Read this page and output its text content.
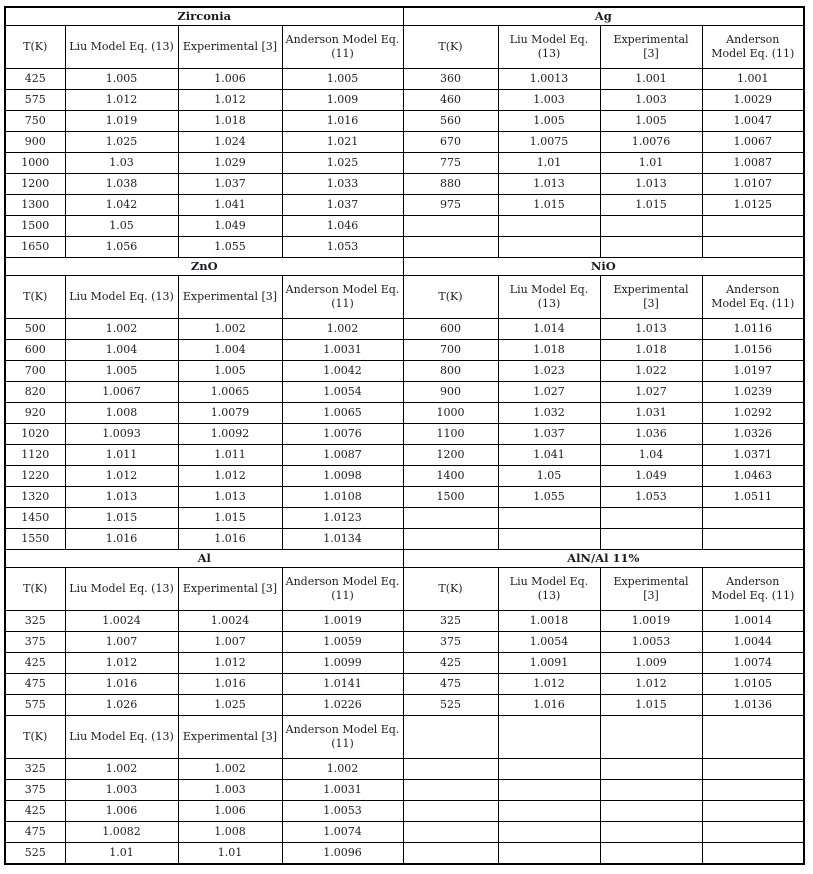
Zirconia				Ag			
T(K)	Liu Model Eq. (13)	Experimental [3]	Anderson Model Eq. (11)	T(K)	Liu Model Eq. (13)	Experimental [3]	Anderson Model Eq. (11)
425	1.005	1.006	1.005	360	1.0013	1.001	1.001
575	1.012	1.012	1.009	460	1.003	1.003	1.0029
750	1.019	1.018	1.016	560	1.005	1.005	1.0047
900	1.025	1.024	1.021	670	1.0075	1.0076	1.0067
1000	1.03	1.029	1.025	775	1.01	1.01	1.0087
1200	1.038	1.037	1.033	880	1.013	1.013	1.0107
1300	1.042	1.041	1.037	975	1.015	1.015	1.0125
1500	1.05	1.049	1.046				
1650	1.056	1.055	1.053				
ZnO				NiO			
T(K)	Liu Model Eq. (13)	Experimental [3]	Anderson Model Eq. (11)	T(K)	Liu Model Eq. (13)	Experimental [3]	Anderson Model Eq. (11)
500	1.002	1.002	1.002	600	1.014	1.013	1.0116
600	1.004	1.004	1.0031	700	1.018	1.018	1.0156
700	1.005	1.005	1.0042	800	1.023	1.022	1.0197
820	1.0067	1.0065	1.0054	900	1.027	1.027	1.0239
920	1.008	1.0079	1.0065	1000	1.032	1.031	1.0292
1020	1.0093	1.0092	1.0076	1100	1.037	1.036	1.0326
1120	1.011	1.011	1.0087	1200	1.041	1.04	1.0371
1220	1.012	1.012	1.0098	1400	1.05	1.049	1.0463
1320	1.013	1.013	1.0108	1500	1.055	1.053	1.0511
1450	1.015	1.015	1.0123				
1550	1.016	1.016	1.0134				
Al				AlN/Al 11%			
T(K)	Liu Model Eq. (13)	Experimental [3]	Anderson Model Eq. (11)	T(K)	Liu Model Eq. (13)	Experimental [3]	Anderson Model Eq. (11)
325	1.0024	1.0024	1.0019	325	1.0018	1.0019	1.0014
375	1.007	1.007	1.0059	375	1.0054	1.0053	1.0044
425	1.012	1.012	1.0099	425	1.0091	1.009	1.0074
475	1.016	1.016	1.0141	475	1.012	1.012	1.0105
575	1.026	1.025	1.0226	525	1.016	1.015	1.0136
T(K)	Liu Model Eq. (13)	Experimental [3]	Anderson Model Eq. (11)				
325	1.002	1.002	1.002				
375	1.003	1.003	1.0031				
425	1.006	1.006	1.0053				
475	1.0082	1.008	1.0074				
525	1.01	1.01	1.0096				
